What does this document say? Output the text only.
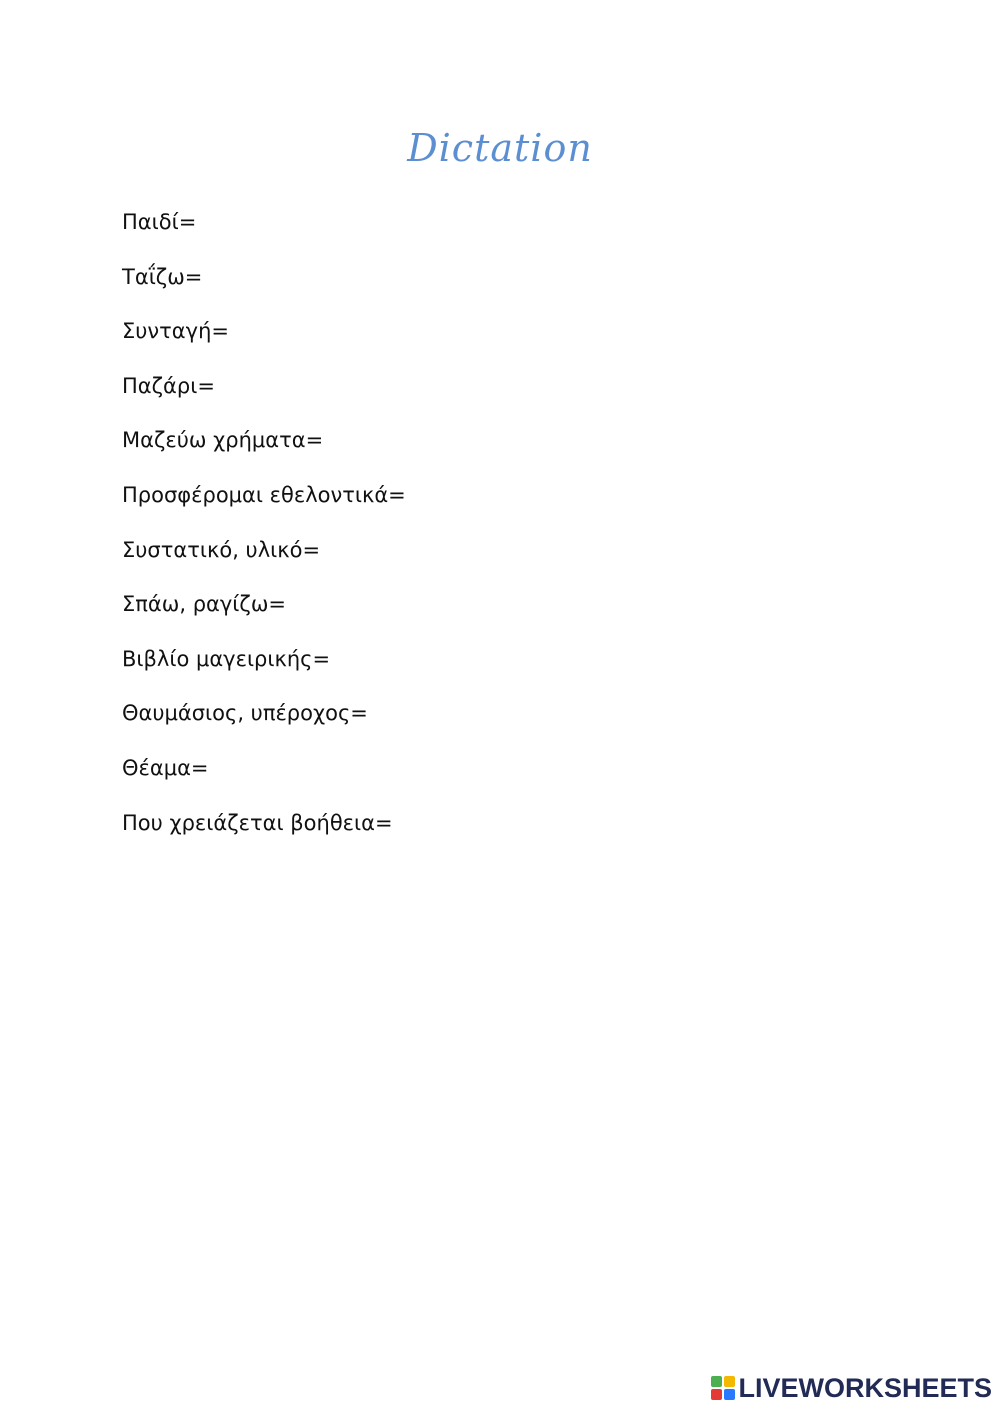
Dictation
Παιδί=
Ταΐζω=
Συνταγή=
Παζάρι=
Μαζεύω χρήματα=
Προσφέρομαι εθελοντικά=
Συστατικό, υλικό=
Σπάω, ραγίζω=
Βιβλίο μαγειρικής=
Θαυμάσιος, υπέροχος=
Θέαμα=
Που χρειάζεται βοήθεια=
LIVEWORKSHEETS
